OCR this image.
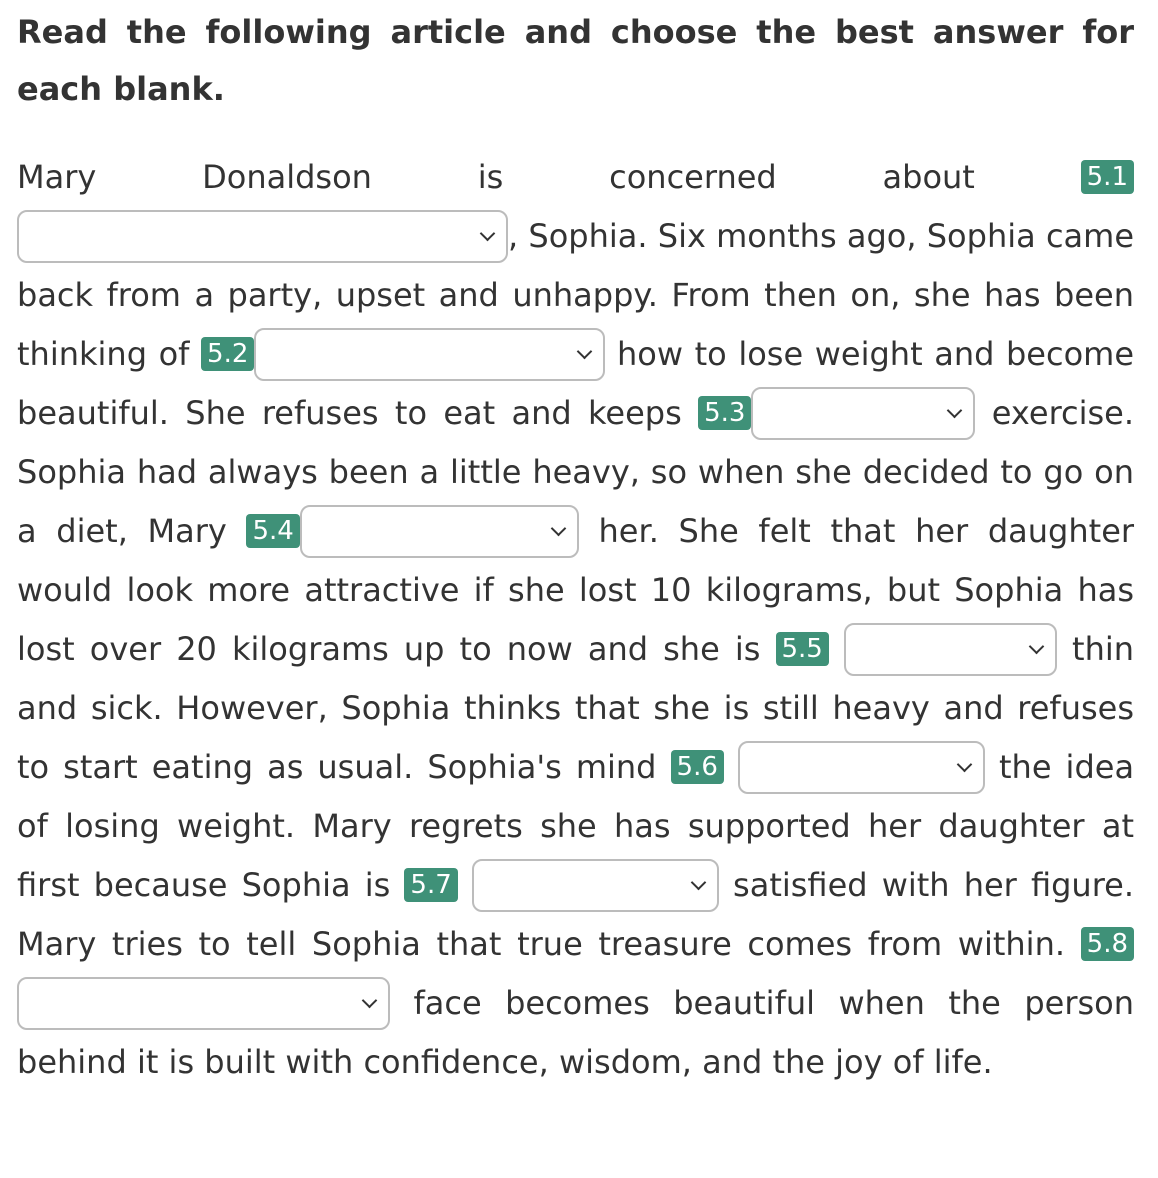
Read the following article and choose the best answer for each blank.

Mary Donaldson is concerned about	5.1
, Sophia. Six months ago, Sophia came back from a party, upset and unhappy. From then on, she has been thinking of 5.2	how to lose weight and become beautiful. She refuses to eat and keeps 5.3	exercise. Sophia had always been a little heavy, so when she decided to go on a diet, Mary 5.4	her. She felt that her daughter would look more attractive if she lost 10 kilograms, but Sophia has lost over 20 kilograms up to now and she is 5.5	thin and sick. However, Sophia thinks that she is still heavy and refuses to start eating as usual. Sophia's mind 5.6	the idea of losing weight. Mary regrets she has supported her daughter at first because Sophia is 5.7	satisfied with her figure. Mary tries to tell Sophia that true treasure comes from within. 5.8
face becomes beautiful when the person behind it is built with confidence, wisdom, and the joy of life.
